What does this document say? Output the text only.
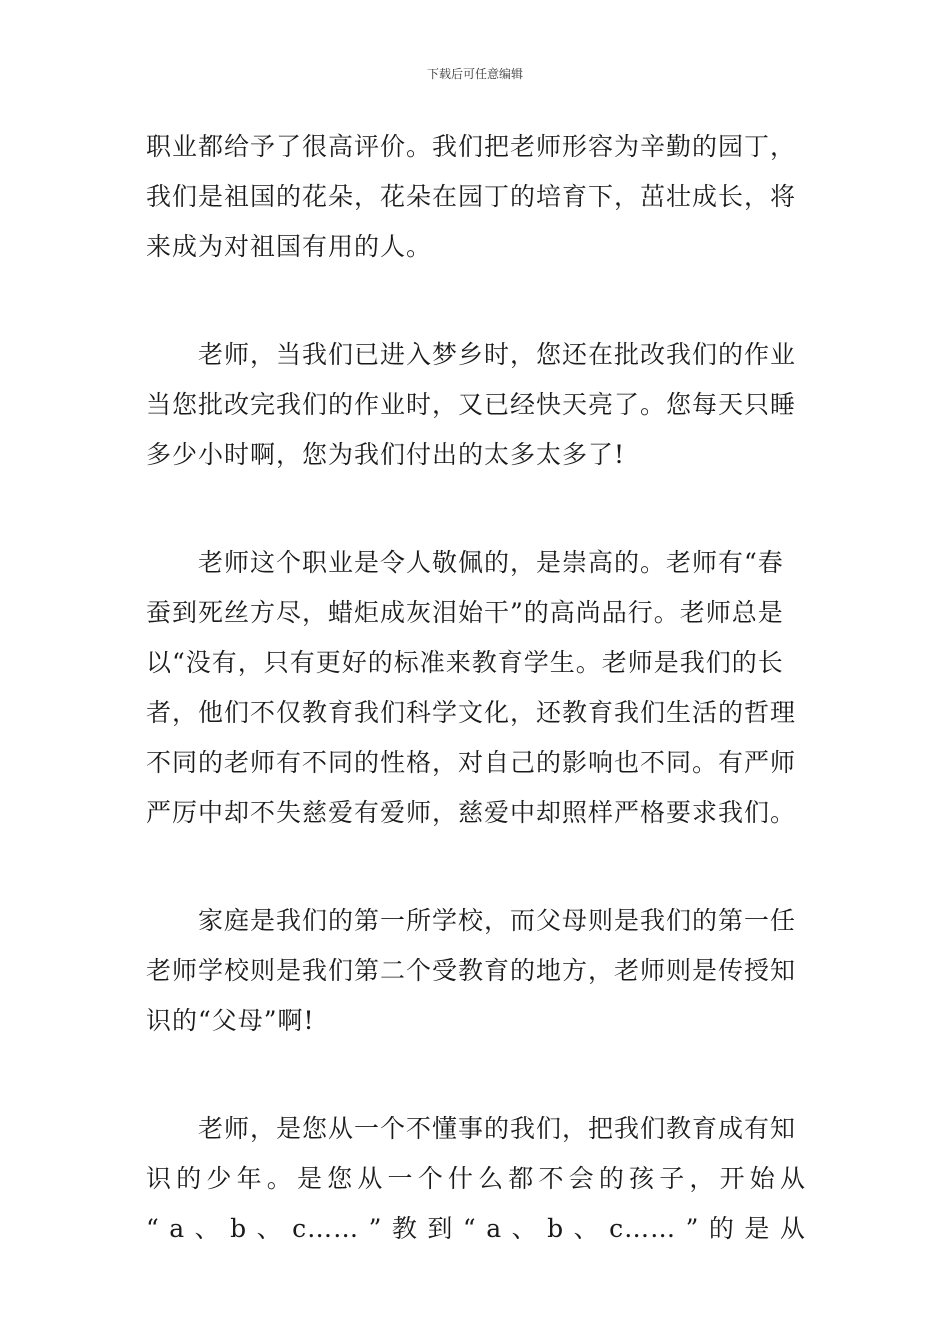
下载后可任意编辑
职业都给予了很高评价。我们把老师形容为辛勤的园丁，
我们是祖国的花朵，花朵在园丁的培育下，茁壮成长，将
来成为对祖国有用的人。
老师，当我们已进入梦乡时，您还在批改我们的作业
当您批改完我们的作业时，又已经快天亮了。您每天只睡
多少小时啊，您为我们付出的太多太多了!
老师这个职业是令人敬佩的，是崇高的。老师有“春
蚕到死丝方尽，蜡炬成灰泪始干”的高尚品行。老师总是
以“没有，只有更好的标准来教育学生。老师是我们的长
者，他们不仅教育我们科学文化，还教育我们生活的哲理
不同的老师有不同的性格，对自己的影响也不同。有严师
严厉中却不失慈爱有爱师，慈爱中却照样严格要求我们。
家庭是我们的第一所学校，而父母则是我们的第一任
老师学校则是我们第二个受教育的地方，老师则是传授知
识的“父母”啊!
老师，是您从一个不懂事的我们，把我们教育成有知
识 的 少 年 。 是 您 从 一 个 什 么 都 不 会 的 孩 子 ， 开 始 从
“ a 、 b 、 c…… ” 教 到 “ a 、 b 、 c…… ” 的 是 从
